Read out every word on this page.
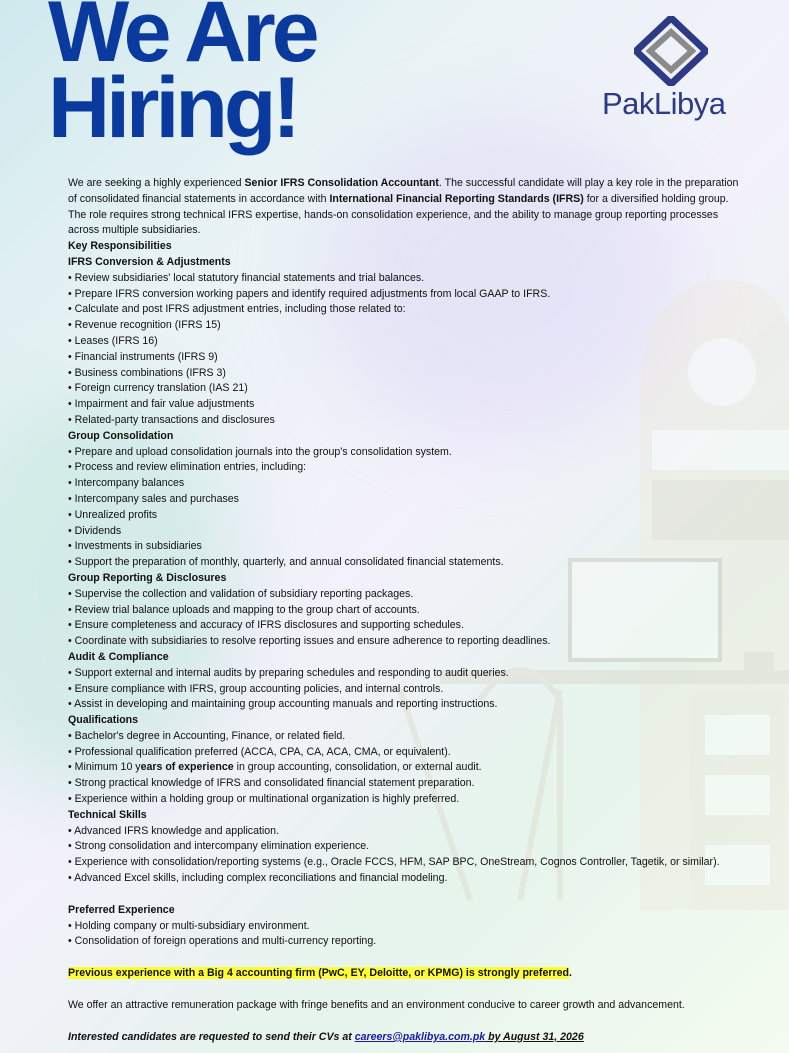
We Are
Hiring!	PakLibya

We are seeking a highly experienced Senior IFRS Consolidation Accountant. The successful candidate will play a key role in the preparation of consolidated financial statements in accordance with International Financial Reporting Standards (IFRS) for a diversified holding group. The role requires strong technical IFRS expertise, hands-on consolidation experience, and the ability to manage group reporting processes across multiple subsidiaries.

Key Responsibilities

IFRS Conversion & Adjustments

• Review subsidiaries' local statutory financial statements and trial balances.

• Prepare IFRS conversion working papers and identify required adjustments from local GAAP to IFRS.

• Calculate and post IFRS adjustment entries, including those related to:

• Revenue recognition (IFRS 15)

• Leases (IFRS 16)

• Financial instruments (IFRS 9)

• Business combinations (IFRS 3)

• Foreign currency translation (IAS 21)

• Impairment and fair value adjustments

• Related-party transactions and disclosures

Group Consolidation

• Prepare and upload consolidation journals into the group's consolidation system.

• Process and review elimination entries, including:

• Intercompany balances

• Intercompany sales and purchases

• Unrealized profits

• Dividends

• Investments in subsidiaries

• Support the preparation of monthly, quarterly, and annual consolidated financial statements.

Group Reporting & Disclosures

• Supervise the collection and validation of subsidiary reporting packages.

• Review trial balance uploads and mapping to the group chart of accounts.

• Ensure completeness and accuracy of IFRS disclosures and supporting schedules.

• Coordinate with subsidiaries to resolve reporting issues and ensure adherence to reporting deadlines.

Audit & Compliance

• Support external and internal audits by preparing schedules and responding to audit queries.

• Ensure compliance with IFRS, group accounting policies, and internal controls.

• Assist in developing and maintaining group accounting manuals and reporting instructions.

Qualifications

• Bachelor's degree in Accounting, Finance, or related field.

• Professional qualification preferred (ACCA, CPA, CA, ACA, CMA, or equivalent).

• Minimum 10 years of experience in group accounting, consolidation, or external audit.

• Strong practical knowledge of IFRS and consolidated financial statement preparation.

• Experience within a holding group or multinational organization is highly preferred.

Technical Skills

• Advanced IFRS knowledge and application.

• Strong consolidation and intercompany elimination experience.

• Experience with consolidation/reporting systems (e.g., Oracle FCCS, HFM, SAP BPC, OneStream, Cognos Controller, Tagetik, or similar).

• Advanced Excel skills, including complex reconciliations and financial modeling.

Preferred Experience

• Holding company or multi-subsidiary environment.

• Consolidation of foreign operations and multi-currency reporting.

Previous experience with a Big 4 accounting firm (PwC, EY, Deloitte, or KPMG) is strongly preferred.

We offer an attractive remuneration package with fringe benefits and an environment conducive to career growth and advancement.

Interested candidates are requested to send their CVs at careers@paklibya.com.pk by August 31, 2026
